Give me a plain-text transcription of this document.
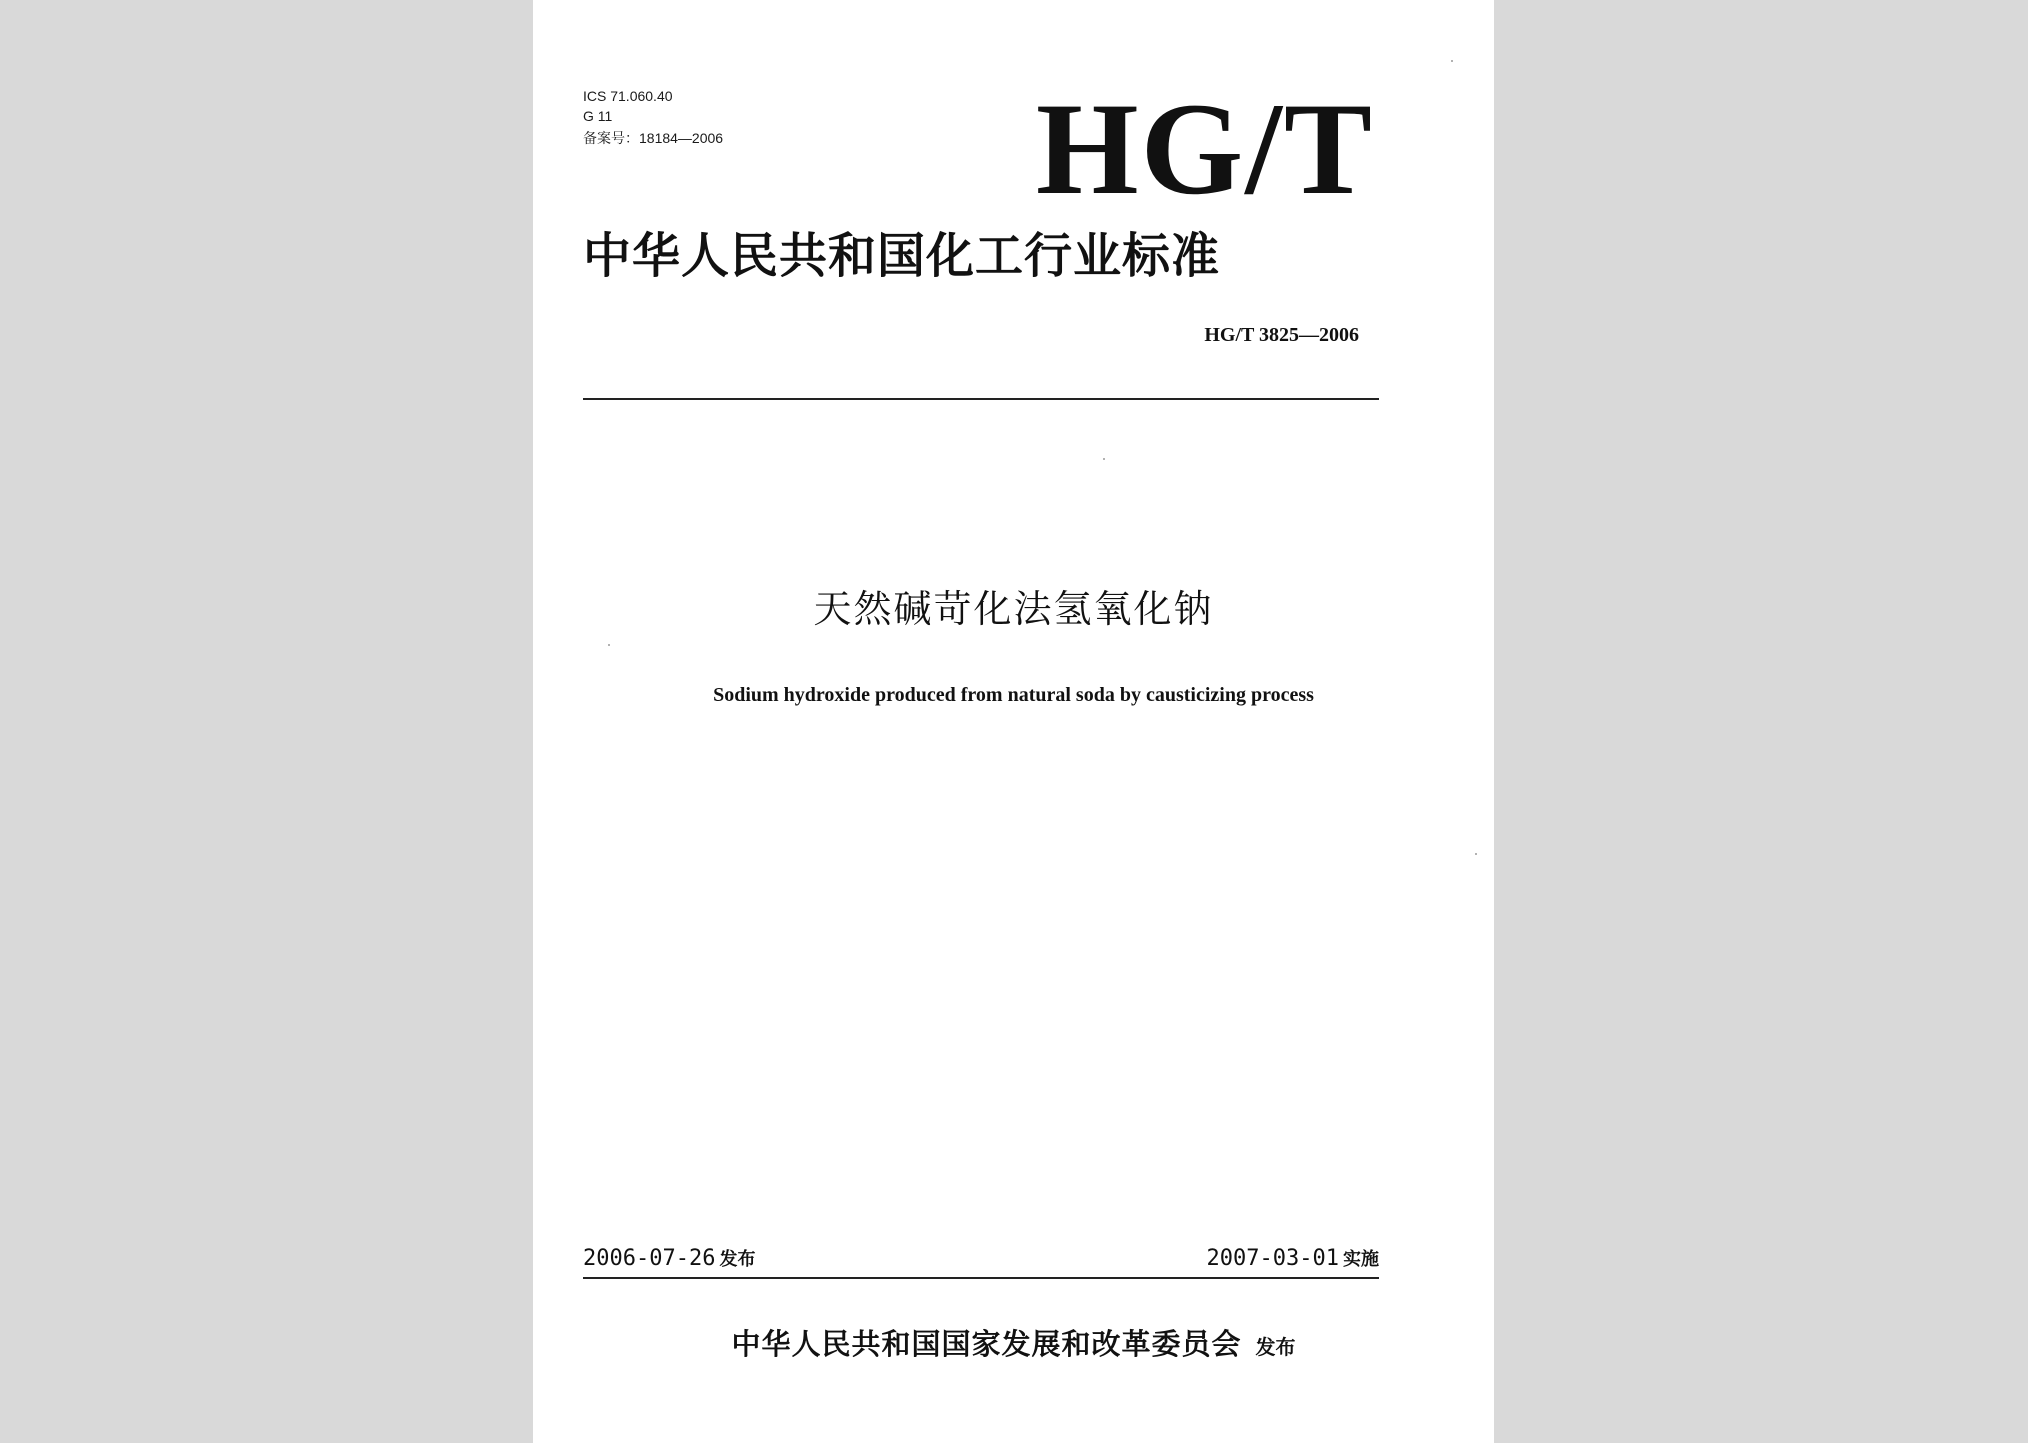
ICS 71.060.40
G 11
备案号：18184—2006 HG/T
中华人民共和国化工行业标准
HG/T 3825—2006
天然碱苛化法氢氧化钠
Sodium hydroxide produced from natural soda by causticizing process
2006-07-26 发布	2007-03-01 实施
中华人民共和国国家发展和改革委员会 发布
